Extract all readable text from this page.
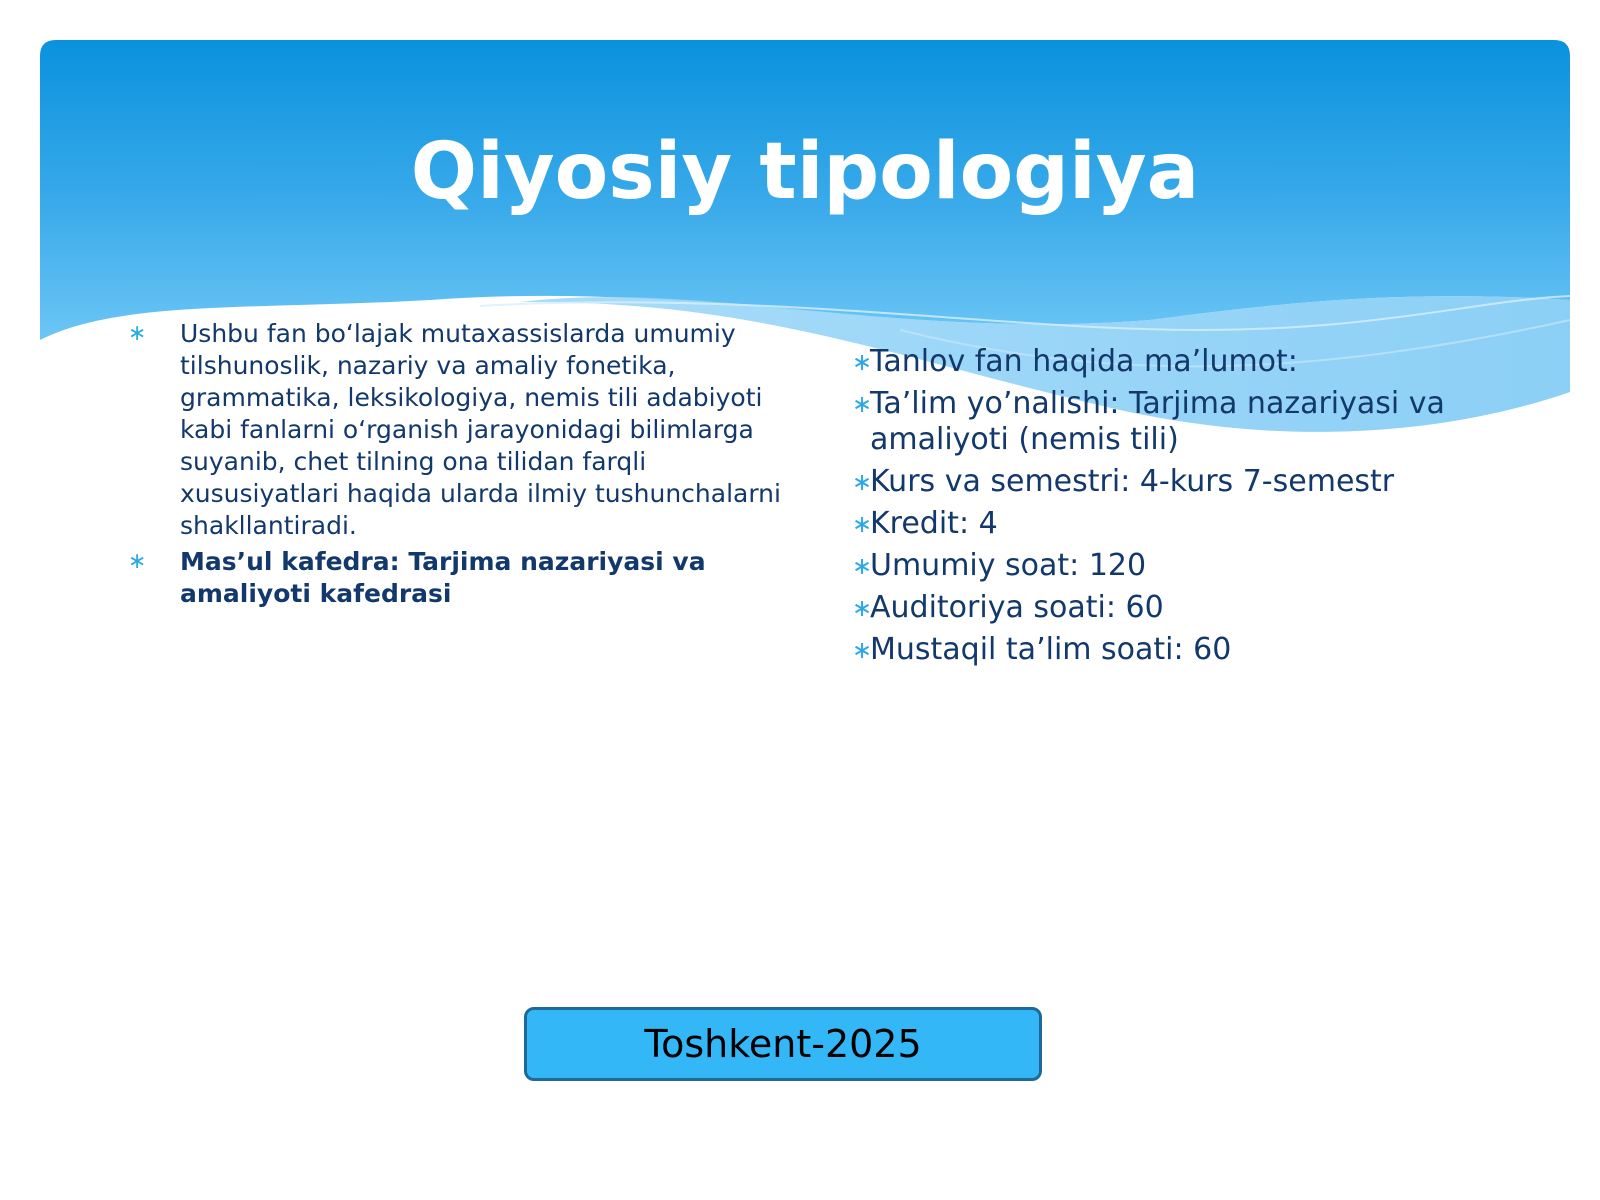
Qiyosiy tipologiya
∗ Ushbu fan bo‘lajak mutaxassislarda umumiy tilshunoslik, nazariy va amaliy fonetika, grammatika, leksikologiya, nemis tili adabiyoti kabi fanlarni o‘rganish jarayonidagi bilimlarga suyanib, chet tilning ona tilidan farqli xususiyatlari haqida ularda ilmiy tushunchalarni shakllantiradi.
∗ Mas’ul kafedra: Tarjima nazariyasi va amaliyoti kafedrasi
∗
Tanlov fan haqida ma’lumot:
∗
Ta’lim yo’nalishi: Tarjima nazariyasi va amaliyoti (nemis tili)
∗
Kurs va semestri: 4-kurs 7-semestr
∗
Kredit: 4
∗
Umumiy soat: 120
∗
Auditoriya soati: 60
∗
Mustaqil ta’lim soati: 60
Toshkent-2025
